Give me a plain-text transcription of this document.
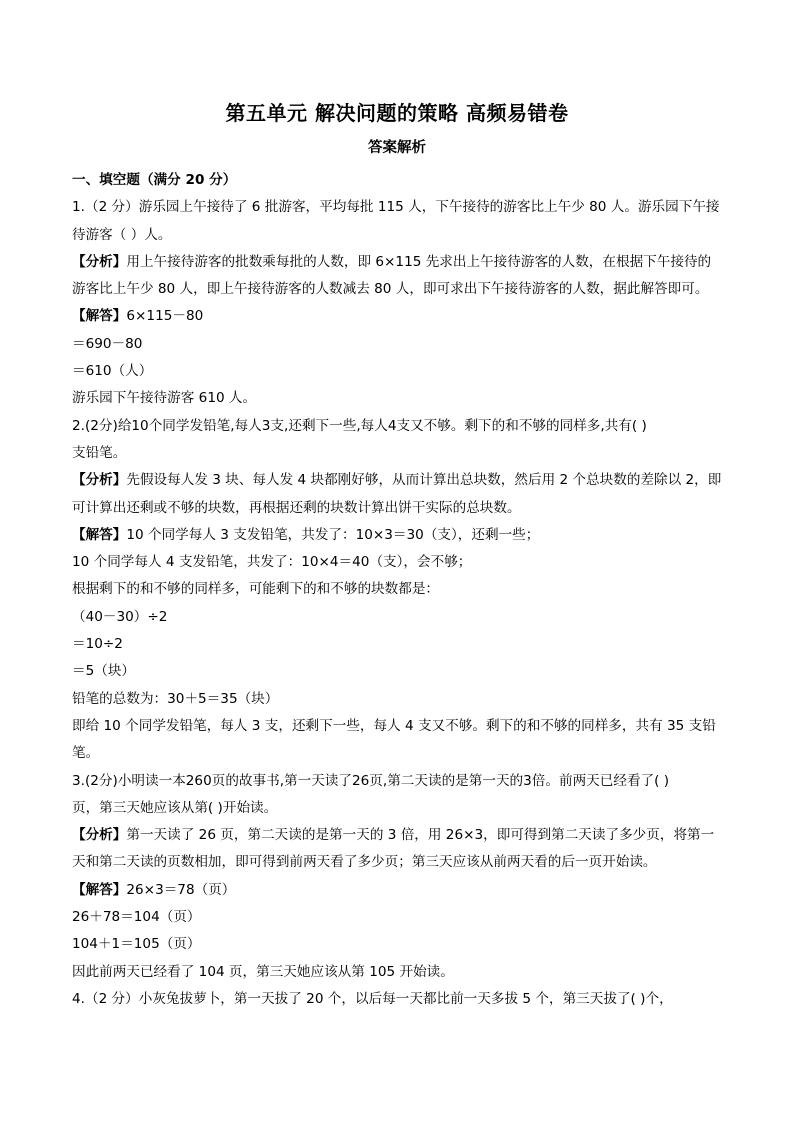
第五单元 解决问题的策略 高频易错卷
答案解析
一、填空题（满分 20 分）
1.（2 分）游乐园上午接待了 6 批游客，平均每批 115 人，下午接待的游客比上午少 80 人。游乐园下午接
待游客（ ）人。
【分析】用上午接待游客的批数乘每批的人数，即 6×115 先求出上午接待游客的人数，在根据下午接待的
游客比上午少 80 人，即上午接待游客的人数减去 80 人，即可求出下午接待游客的人数，据此解答即可。
【解答】6×115－80
＝690－80
＝610（人）
游乐园下午接待游客 610 人。
2.(2分)给10个同学发铅笔,每人3支,还剩下一些,每人4支又不够。剩下的和不够的同样多,共有( )
支铅笔。
【分析】先假设每人发 3 块、每人发 4 块都刚好够，从而计算出总块数，然后用 2 个总块数的差除以 2，即
可计算出还剩或不够的块数，再根据还剩的块数计算出饼干实际的总块数。
【解答】10 个同学每人 3 支发铅笔，共发了：10×3＝30（支），还剩一些；
10 个同学每人 4 支发铅笔，共发了：10×4＝40（支），会不够；
根据剩下的和不够的同样多，可能剩下的和不够的块数都是：
（40－30）÷2
＝10÷2
＝5（块）
铅笔的总数为：30＋5＝35（块）
即给 10 个同学发铅笔，每人 3 支，还剩下一些，每人 4 支又不够。剩下的和不够的同样多，共有 35 支铅
笔。
3.(2分)小明读一本260页的故事书,第一天读了26页,第二天读的是第一天的3倍。前两天已经看了( )
页，第三天她应该从第( )开始读。
【分析】第一天读了 26 页，第二天读的是第一天的 3 倍，用 26×3，即可得到第二天读了多少页，将第一
天和第二天读的页数相加，即可得到前两天看了多少页；第三天应该从前两天看的后一页开始读。
【解答】26×3＝78（页）
26＋78＝104（页）
104＋1＝105（页）
因此前两天已经看了 104 页，第三天她应该从第 105 开始读。
4.（2 分）小灰兔拔萝卜，第一天拔了 20 个，以后每一天都比前一天多拔 5 个，第三天拔了( )个，
